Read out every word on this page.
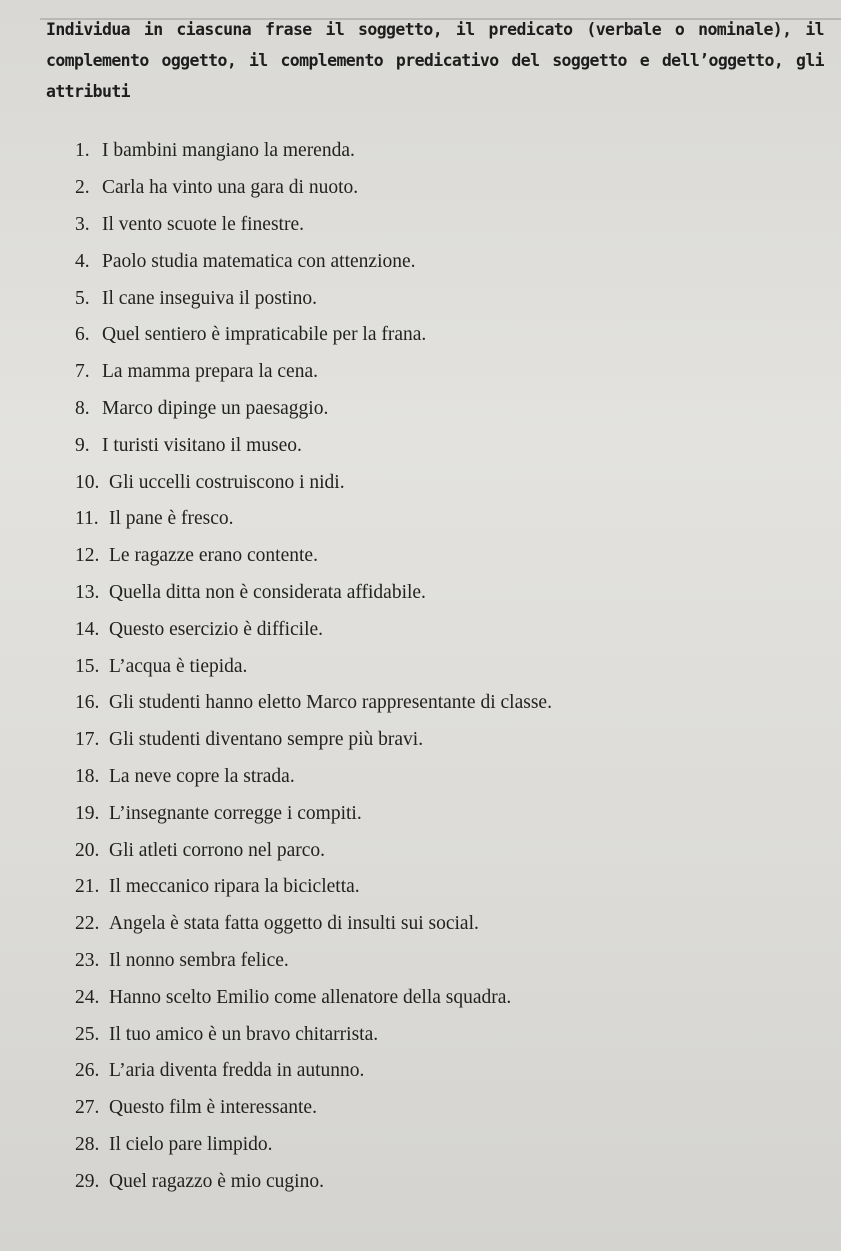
Individua in ciascuna frase il soggetto, il predicato (verbale o nominale), il complemento oggetto, il complemento predicativo del soggetto e dell’oggetto, gli attributi
1. I bambini mangiano la merenda.
2. Carla ha vinto una gara di nuoto.
3. Il vento scuote le finestre.
4. Paolo studia matematica con attenzione.
5. Il cane inseguiva il postino.
6. Quel sentiero è impraticabile per la frana.
7. La mamma prepara la cena.
8. Marco dipinge un paesaggio.
9. I turisti visitano il museo.
10. Gli uccelli costruiscono i nidi.
11. Il pane è fresco.
12. Le ragazze erano contente.
13. Quella ditta non è considerata affidabile.
14. Questo esercizio è difficile.
15. L’acqua è tiepida.
16. Gli studenti hanno eletto Marco rappresentante di classe.
17. Gli studenti diventano sempre più bravi.
18. La neve copre la strada.
19. L’insegnante corregge i compiti.
20. Gli atleti corrono nel parco.
21. Il meccanico ripara la bicicletta.
22. Angela è stata fatta oggetto di insulti sui social.
23. Il nonno sembra felice.
24. Hanno scelto Emilio come allenatore della squadra.
25. Il tuo amico è un bravo chitarrista.
26. L’aria diventa fredda in autunno.
27. Questo film è interessante.
28. Il cielo pare limpido.
29. Quel ragazzo è mio cugino.
